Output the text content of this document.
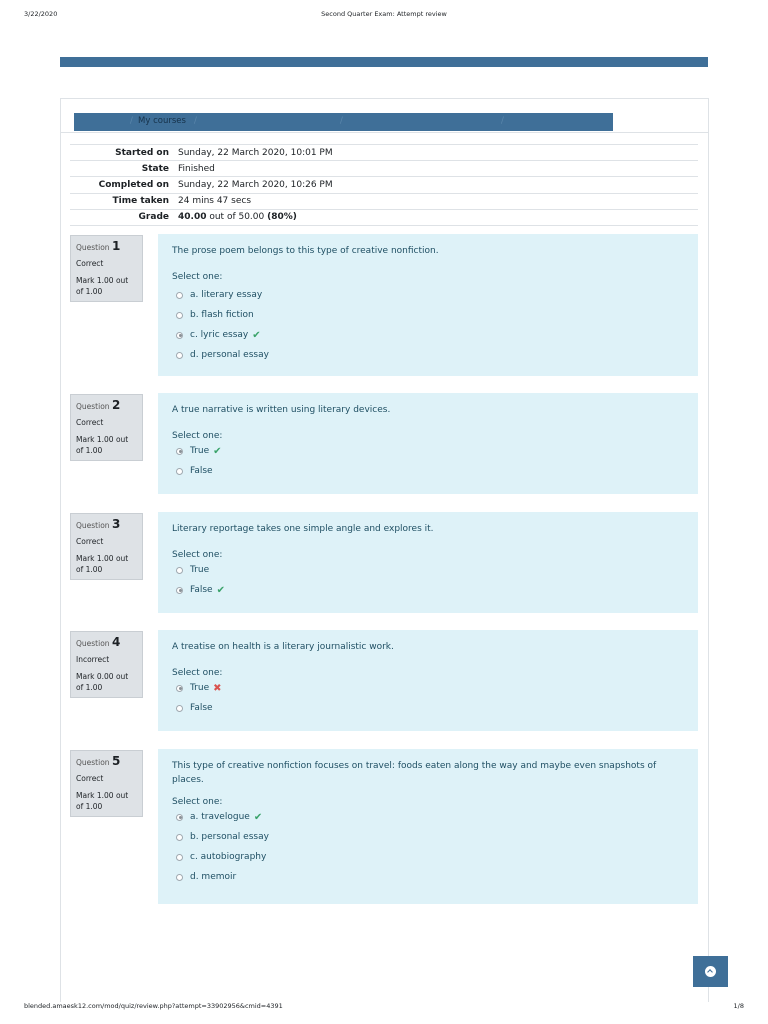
3/22/2020	Second Quarter Exam: Attempt review
/ My courses /	/	/
Started on	Sunday, 22 March 2020, 10:01 PM
State	Finished
Completed on	Sunday, 22 March 2020, 10:26 PM
Time taken	24 mins 47 secs
Grade	40.00 out of 50.00 (80%)
Question 1
Correct
Mark 1.00 out of 1.00
The prose poem belongs to this type of creative nonfiction.
Select one:
a. literary essay
b. flash fiction
c. lyric essay ✔
d. personal essay
Question 2
Correct
Mark 1.00 out of 1.00
A true narrative is written using literary devices.
Select one:
True ✔
False
Question 3
Correct
Mark 1.00 out of 1.00
Literary reportage takes one simple angle and explores it.
Select one:
True
False ✔
Question 4
Incorrect
Mark 0.00 out of 1.00
A treatise on health is a literary journalistic work.
Select one:
True ✖
False
Question 5
Correct
Mark 1.00 out of 1.00
This type of creative nonfiction focuses on travel: foods eaten along the way and maybe even snapshots of places.
Select one:
a. travelogue ✔
b. personal essay
c. autobiography
d. memoir
blended.amaesk12.com/mod/quiz/review.php?attempt=33902956&cmid=4391	1/8
